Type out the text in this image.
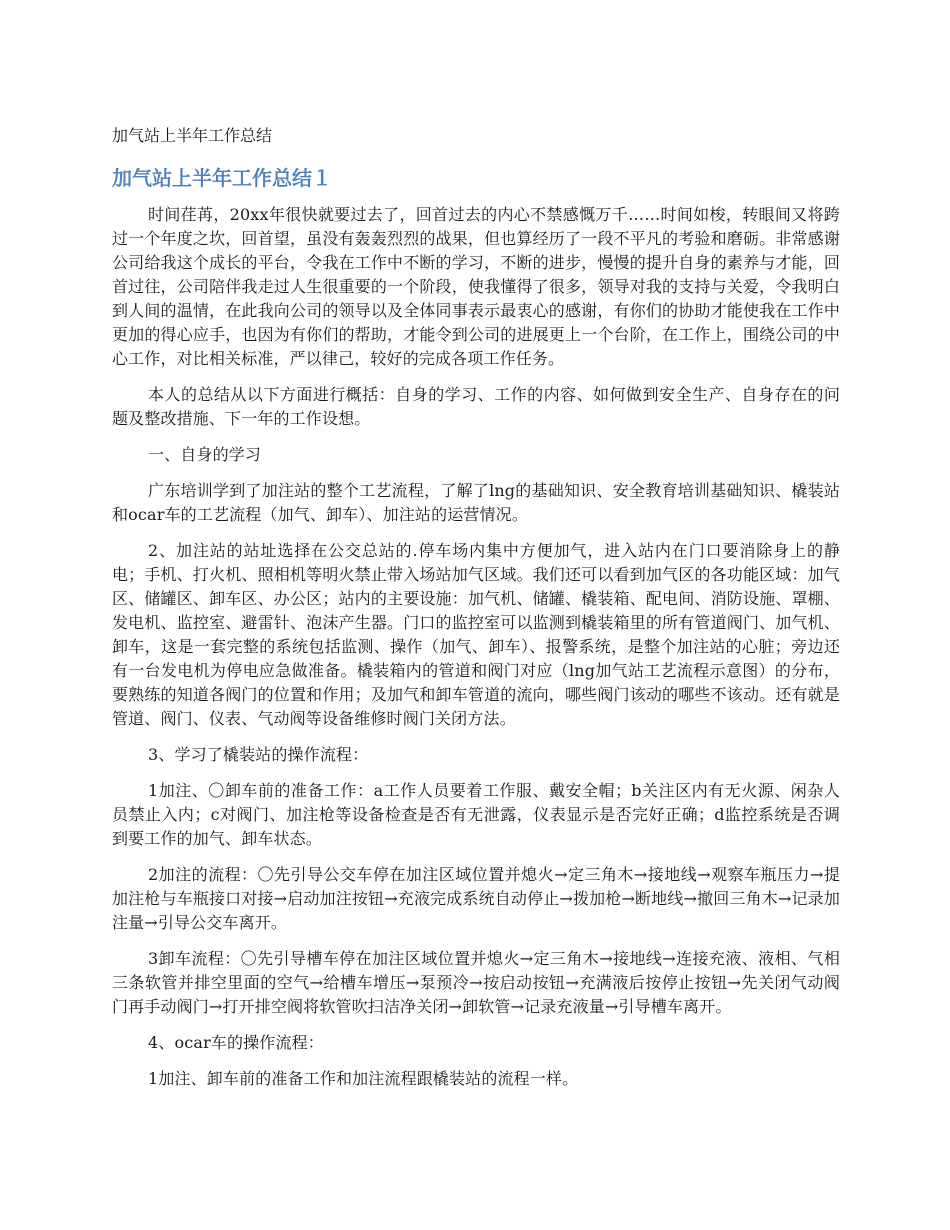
加气站上半年工作总结

加气站上半年工作总结１

时间荏苒，20xx年很快就要过去了，回首过去的内心不禁感慨万千……时间如梭，转眼间又将跨过一个年度之坎，回首望，虽没有轰轰烈烈的战果，但也算经历了一段不平凡的考验和磨砺。非常感谢公司给我这个成长的平台，令我在工作中不断的学习，不断的进步，慢慢的提升自身的素养与才能，回首过往，公司陪伴我走过人生很重要的一个阶段，使我懂得了很多，领导对我的支持与关爱，令我明白到人间的温情，在此我向公司的领导以及全体同事表示最衷心的感谢，有你们的协助才能使我在工作中更加的得心应手，也因为有你们的帮助，才能令到公司的进展更上一个台阶，在工作上，围绕公司的中心工作，对比相关标准，严以律己，较好的完成各项工作任务。

本人的总结从以下方面进行概括：自身的学习、工作的内容、如何做到安全生产、自身存在的问题及整改措施、下一年的工作设想。

一、自身的学习

广东培训学到了加注站的整个工艺流程，了解了lng的基础知识、安全教育培训基础知识、橇装站和ocar车的工艺流程（加气、卸车）、加注站的运营情况。

2、加注站的站址选择在公交总站的.停车场内集中方便加气，进入站内在门口要消除身上的静电；手机、打火机、照相机等明火禁止带入场站加气区域。我们还可以看到加气区的各功能区域：加气区、储罐区、卸车区、办公区；站内的主要设施：加气机、储罐、橇装箱、配电间、消防设施、罩棚、发电机、监控室、避雷针、泡沫产生器。门口的监控室可以监测到橇装箱里的所有管道阀门、加气机、卸车，这是一套完整的系统包括监测、操作（加气、卸车）、报警系统，是整个加注站的心脏；旁边还有一台发电机为停电应急做准备。橇装箱内的管道和阀门对应（lng加气站工艺流程示意图）的分布，要熟练的知道各阀门的位置和作用；及加气和卸车管道的流向，哪些阀门该动的哪些不该动。还有就是管道、阀门、仪表、气动阀等设备维修时阀门关闭方法。

3、学习了橇装站的操作流程：

1加注、〇卸车前的准备工作：a工作人员要着工作服、戴安全帽；b关注区内有无火源、闲杂人员禁止入内；c对阀门、加注枪等设备检查是否有无泄露，仪表显示是否完好正确；d监控系统是否调到要工作的加气、卸车状态。

2加注的流程：〇先引导公交车停在加注区域位置并熄火→定三角木→接地线→观察车瓶压力→提加注枪与车瓶接口对接→启动加注按钮→充液完成系统自动停止→拨加枪→断地线→撤回三角木→记录加注量→引导公交车离开。

3卸车流程：〇先引导槽车停在加注区域位置并熄火→定三角木→接地线→连接充液、液相、气相三条软管并排空里面的空气→给槽车增压→泵预冷→按启动按钮→充满液后按停止按钮→先关闭气动阀门再手动阀门→打开排空阀将软管吹扫洁净关闭→卸软管→记录充液量→引导槽车离开。

4、ocar车的操作流程：

1加注、卸车前的准备工作和加注流程跟橇装站的流程一样。
